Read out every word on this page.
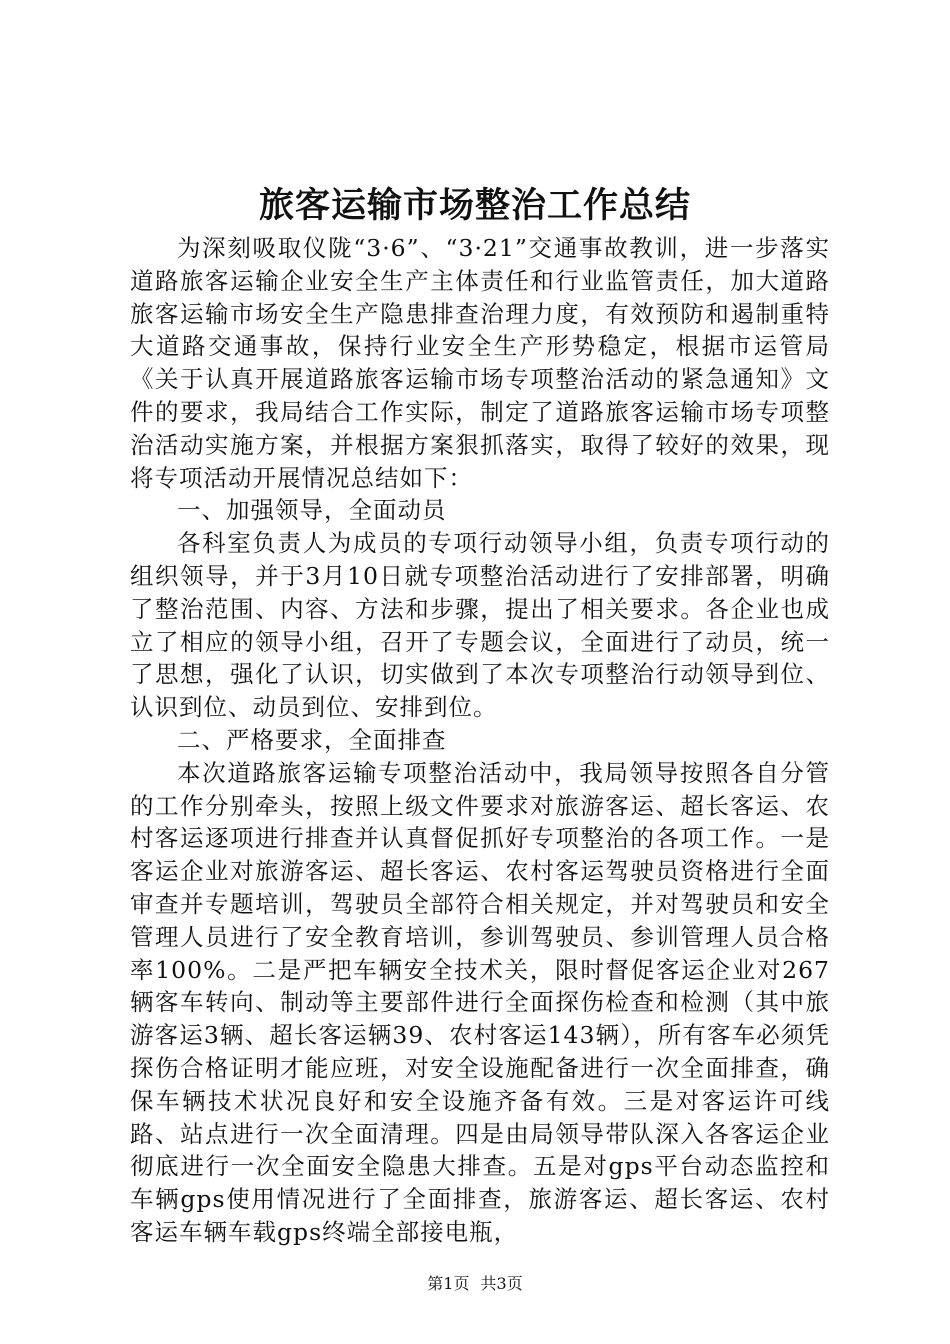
旅客运输市场整治工作总结

为深刻吸取仪陇“3·6”、“3·21”交通事故教训，进一步落实道路旅客运输企业安全生产主体责任和行业监管责任，加大道路旅客运输市场安全生产隐患排查治理力度，有效预防和遏制重特大道路交通事故，保持行业安全生产形势稳定，根据市运管局《关于认真开展道路旅客运输市场专项整治活动的紧急通知》文件的要求，我局结合工作实际，制定了道路旅客运输市场专项整治活动实施方案，并根据方案狠抓落实，取得了较好的效果，现将专项活动开展情况总结如下：

一、加强领导，全面动员

各科室负责人为成员的专项行动领导小组，负责专项行动的组织领导，并于3月10日就专项整治活动进行了安排部署，明确了整治范围、内容、方法和步骤，提出了相关要求。各企业也成立了相应的领导小组，召开了专题会议，全面进行了动员，统一了思想，强化了认识，切实做到了本次专项整治行动领导到位、认识到位、动员到位、安排到位。

二、严格要求，全面排查

本次道路旅客运输专项整治活动中，我局领导按照各自分管的工作分别牵头，按照上级文件要求对旅游客运、超长客运、农村客运逐项进行排查并认真督促抓好专项整治的各项工作。一是客运企业对旅游客运、超长客运、农村客运驾驶员资格进行全面审查并专题培训，驾驶员全部符合相关规定，并对驾驶员和安全管理人员进行了安全教育培训，参训驾驶员、参训管理人员合格率100%。二是严把车辆安全技术关，限时督促客运企业对267辆客车转向、制动等主要部件进行全面探伤检查和检测（其中旅游客运3辆、超长客运辆39、农村客运143辆），所有客车必须凭探伤合格证明才能应班，对安全设施配备进行一次全面排查，确保车辆技术状况良好和安全设施齐备有效。三是对客运许可线路、站点进行一次全面清理。四是由局领导带队深入各客运企业彻底进行一次全面安全隐患大排查。五是对gps平台动态监控和车辆gps使用情况进行了全面排查，旅游客运、超长客运、农村客运车辆车载gps终端全部接电瓶，

第1页 共3页
